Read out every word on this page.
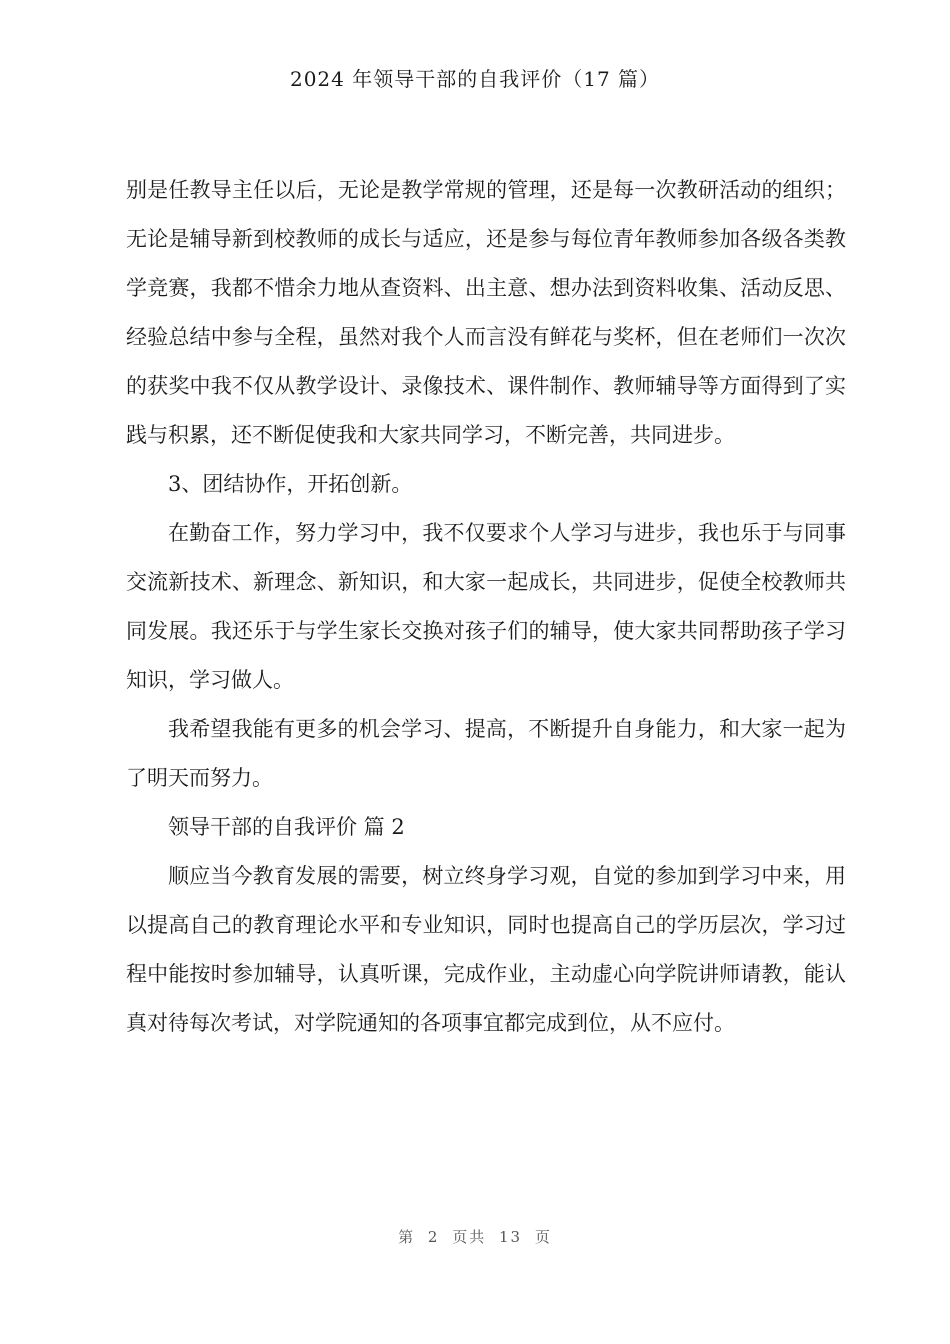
2024 年领导干部的自我评价（17 篇）

别是任教导主任以后，无论是教学常规的管理，还是每一次教研活动的组织；无论是辅导新到校教师的成长与适应，还是参与每位青年教师参加各级各类教学竞赛，我都不惜余力地从查资料、出主意、想办法到资料收集、活动反思、经验总结中参与全程，虽然对我个人而言没有鲜花与奖杯，但在老师们一次次的获奖中我不仅从教学设计、录像技术、课件制作、教师辅导等方面得到了实践与积累，还不断促使我和大家共同学习，不断完善，共同进步。

3、团结协作，开拓创新。

在勤奋工作，努力学习中，我不仅要求个人学习与进步，我也乐于与同事交流新技术、新理念、新知识，和大家一起成长，共同进步，促使全校教师共同发展。我还乐于与学生家长交换对孩子们的辅导，使大家共同帮助孩子学习知识，学习做人。

我希望我能有更多的机会学习、提高，不断提升自身能力，和大家一起为了明天而努力。

领导干部的自我评价 篇 2

顺应当今教育发展的需要，树立终身学习观，自觉的参加到学习中来，用以提高自己的教育理论水平和专业知识，同时也提高自己的学历层次，学习过程中能按时参加辅导，认真听课，完成作业，主动虚心向学院讲师请教，能认真对待每次考试，对学院通知的各项事宜都完成到位，从不应付。

第 2 页共 13 页
